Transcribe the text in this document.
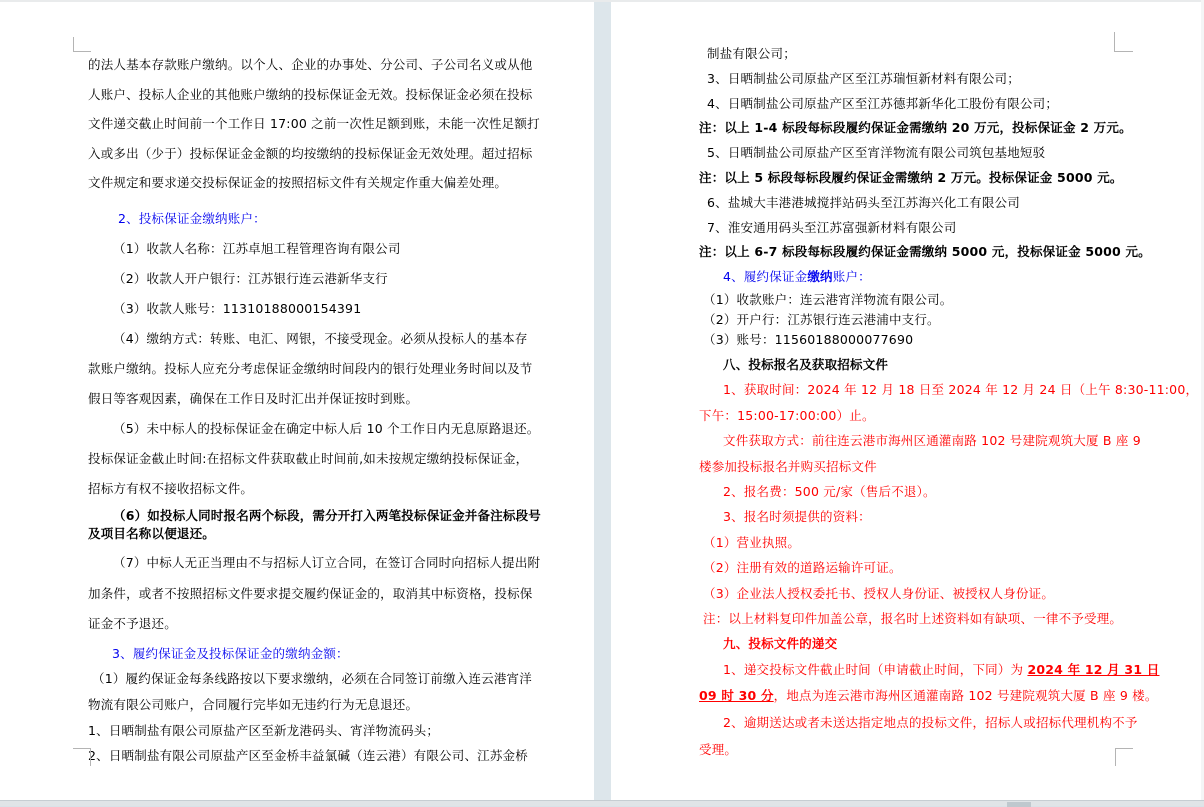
的法人基本存款账户缴纳。以个人、企业的办事处、分公司、子公司名义或从他

人账户、投标人企业的其他账户缴纳的投标保证金无效。投标保证金必须在投标

文件递交截止时间前一个工作日 17:00 之前一次性足额到账，未能一次性足额打

入或多出（少于）投标保证金金额的均按缴纳的投标保证金无效处理。超过招标

文件规定和要求递交投标保证金的按照招标文件有关规定作重大偏差处理。

2、投标保证金缴纳账户：

（1）收款人名称：江苏卓旭工程管理咨询有限公司

（2）收款人开户银行：江苏银行连云港新华支行

（3）收款人账号：11310188000154391

（4）缴纳方式：转账、电汇、网银，不接受现金。必须从投标人的基本存

款账户缴纳。投标人应充分考虑保证金缴纳时间段内的银行处理业务时间以及节

假日等客观因素，确保在工作日及时汇出并保证按时到账。

（5）未中标人的投标保证金在确定中标人后 10 个工作日内无息原路退还。

投标保证金截止时间:在招标文件获取截止时间前,如未按规定缴纳投标保证金，

招标方有权不接收招标文件。

（6）如投标人同时报名两个标段，需分开打入两笔投标保证金并备注标段号

及项目名称以便退还。

（7）中标人无正当理由不与招标人订立合同，在签订合同时向招标人提出附

加条件，或者不按照招标文件要求提交履约保证金的，取消其中标资格，投标保

证金不予退还。

3、履约保证金及投标保证金的缴纳金额：

（1）履约保证金每条线路按以下要求缴纳，必须在合同签订前缴入连云港宵洋

物流有限公司账户，合同履行完毕如无违约行为无息退还。

1、日晒制盐有限公司原盐产区至新龙港码头、宵洋物流码头；

2、日晒制盐有限公司原盐产区至金桥丰益氯碱（连云港）有限公司、江苏金桥

制盐有限公司；

3、日晒制盐公司原盐产区至江苏瑞恒新材料有限公司；

4、日晒制盐公司原盐产区至江苏德邦新华化工股份有限公司；

注：以上 1-4 标段每标段履约保证金需缴纳 20 万元，投标保证金 2 万元。

5、日晒制盐公司原盐产区至宵洋物流有限公司筑包基地短驳

注：以上 5 标段每标段履约保证金需缴纳 2 万元。投标保证金 5000 元。

6、盐城大丰港港城搅拌站码头至江苏海兴化工有限公司

7、淮安通用码头至江苏富强新材料有限公司

注：以上 6-7 标段每标段履约保证金需缴纳 5000 元，投标保证金 5000 元。

4、履约保证金缴纳账户：

（1）收款账户：连云港宵洋物流有限公司。

（2）开户行：江苏银行连云港浦中支行。

（3）账号：11560188000077690

八、投标报名及获取招标文件

1、获取时间：2024 年 12 月 18 日至 2024 年 12 月 24 日（上午 8:30-11:00，

下午：15:00-17:00:00）止。

文件获取方式：前往连云港市海州区通灌南路 102 号建院观筑大厦 B 座 9

楼参加投标报名并购买招标文件

2、报名费：500 元/家（售后不退）。

3、报名时须提供的资料：

（1）营业执照。

（2）注册有效的道路运输许可证。

（3）企业法人授权委托书、授权人身份证、被授权人身份证。

注：以上材料复印件加盖公章，报名时上述资料如有缺项、一律不予受理。

九、投标文件的递交

1、递交投标文件截止时间（申请截止时间，下同）为 2024 年 12 月 31 日

09 时 30 分，地点为连云港市海州区通灌南路 102 号建院观筑大厦 B 座 9 楼。

2、逾期送达或者未送达指定地点的投标文件，招标人或招标代理机构不予

受理。
